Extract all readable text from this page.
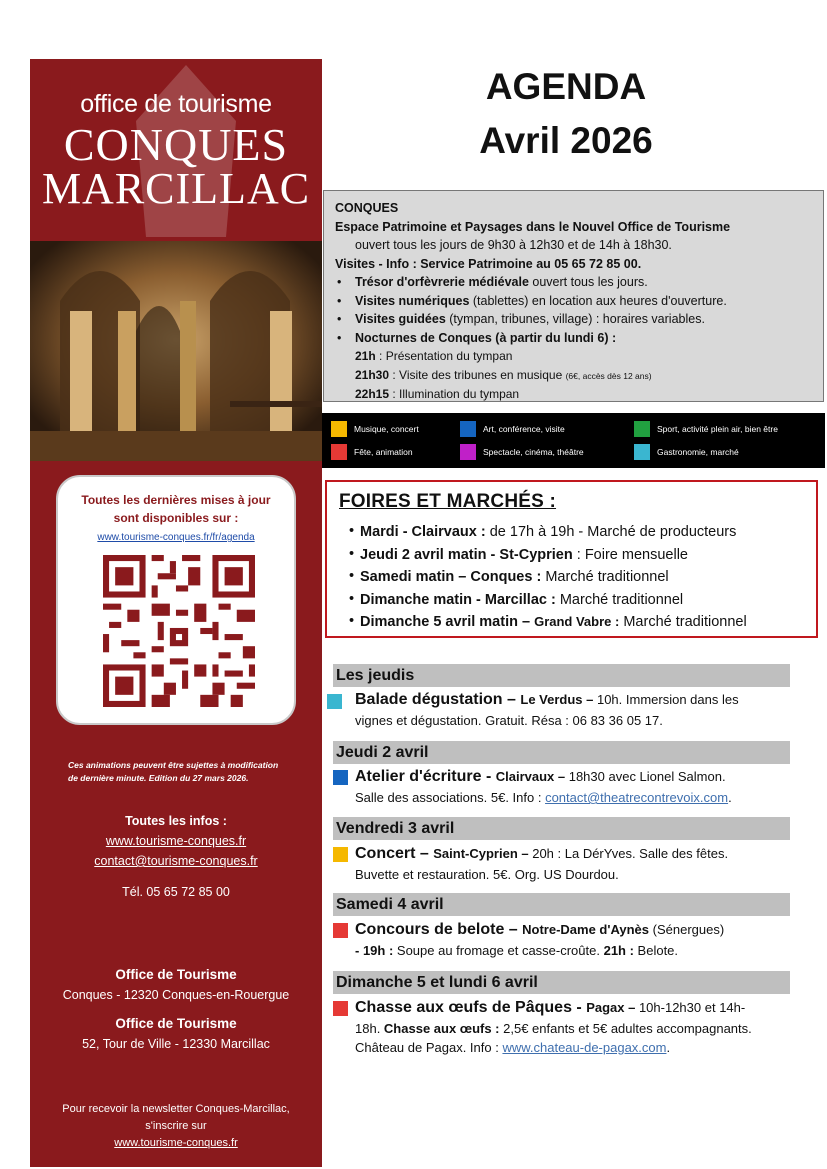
office de tourisme
CONQUES
MARCILLAC
Toutes les dernières mises à jour sont disponibles sur :
www.tourisme-conques.fr/fr/agenda
Ces animations peuvent être sujettes à modification de dernière minute. Edition du 27 mars 2026.
Toutes les infos :
www.tourisme-conques.fr
contact@tourisme-conques.fr
Tél. 05 65 72 85 00
Office de Tourisme
Conques - 12320 Conques-en-Rouergue
Office de Tourisme
52, Tour de Ville - 12330 Marcillac
Pour recevoir la newsletter Conques-Marcillac, s'inscrire sur
www.tourisme-conques.fr
AGENDA
Avril 2026
CONQUES
Espace Patrimoine et Paysages dans le Nouvel Office de Tourisme
ouvert tous les jours de 9h30 à 12h30 et de 14h à 18h30.
Visites - Info : Service Patrimoine au 05 65 72 85 00.
• Trésor d'orfèvrerie médiévale ouvert tous les jours.
• Visites numériques (tablettes) en location aux heures d'ouverture.
• Visites guidées (tympan, tribunes, village) : horaires variables.
• Nocturnes de Conques (à partir du lundi 6) :
21h : Présentation du tympan
21h30 : Visite des tribunes en musique (6€, accès dès 12 ans)
22h15 : Illumination du tympan
Musique, concert	Art, conférence, visite	Sport, activité plein air, bien être
Fête, animation	Spectacle, cinéma, théâtre	Gastronomie, marché
FOIRES ET MARCHÉS :
• Mardi - Clairvaux : de 17h à 19h - Marché de producteurs
• Jeudi 2 avril matin - St-Cyprien : Foire mensuelle
• Samedi matin – Conques : Marché traditionnel
• Dimanche matin - Marcillac : Marché traditionnel
• Dimanche 5 avril matin – Grand Vabre : Marché traditionnel
Les jeudis
Balade dégustation – Le Verdus – 10h. Immersion dans les
vignes et dégustation. Gratuit. Résa : 06 83 36 05 17.
Jeudi 2 avril
Atelier d'écriture - Clairvaux – 18h30 avec Lionel Salmon.
Salle des associations. 5€. Info : contact@theatrecontrevoix.com.
Vendredi 3 avril
Concert – Saint-Cyprien – 20h : La DérYves. Salle des fêtes.
Buvette et restauration. 5€. Org. US Dourdou.
Samedi 4 avril
Concours de belote – Notre-Dame d'Aynès (Sénergues)
- 19h : Soupe au fromage et casse-croûte. 21h : Belote.
Dimanche 5 et lundi 6 avril
Chasse aux œufs de Pâques - Pagax – 10h-12h30 et 14h-
18h. Chasse aux œufs : 2,5€ enfants et 5€ adultes accompagnants.
Château de Pagax. Info : www.chateau-de-pagax.com.
